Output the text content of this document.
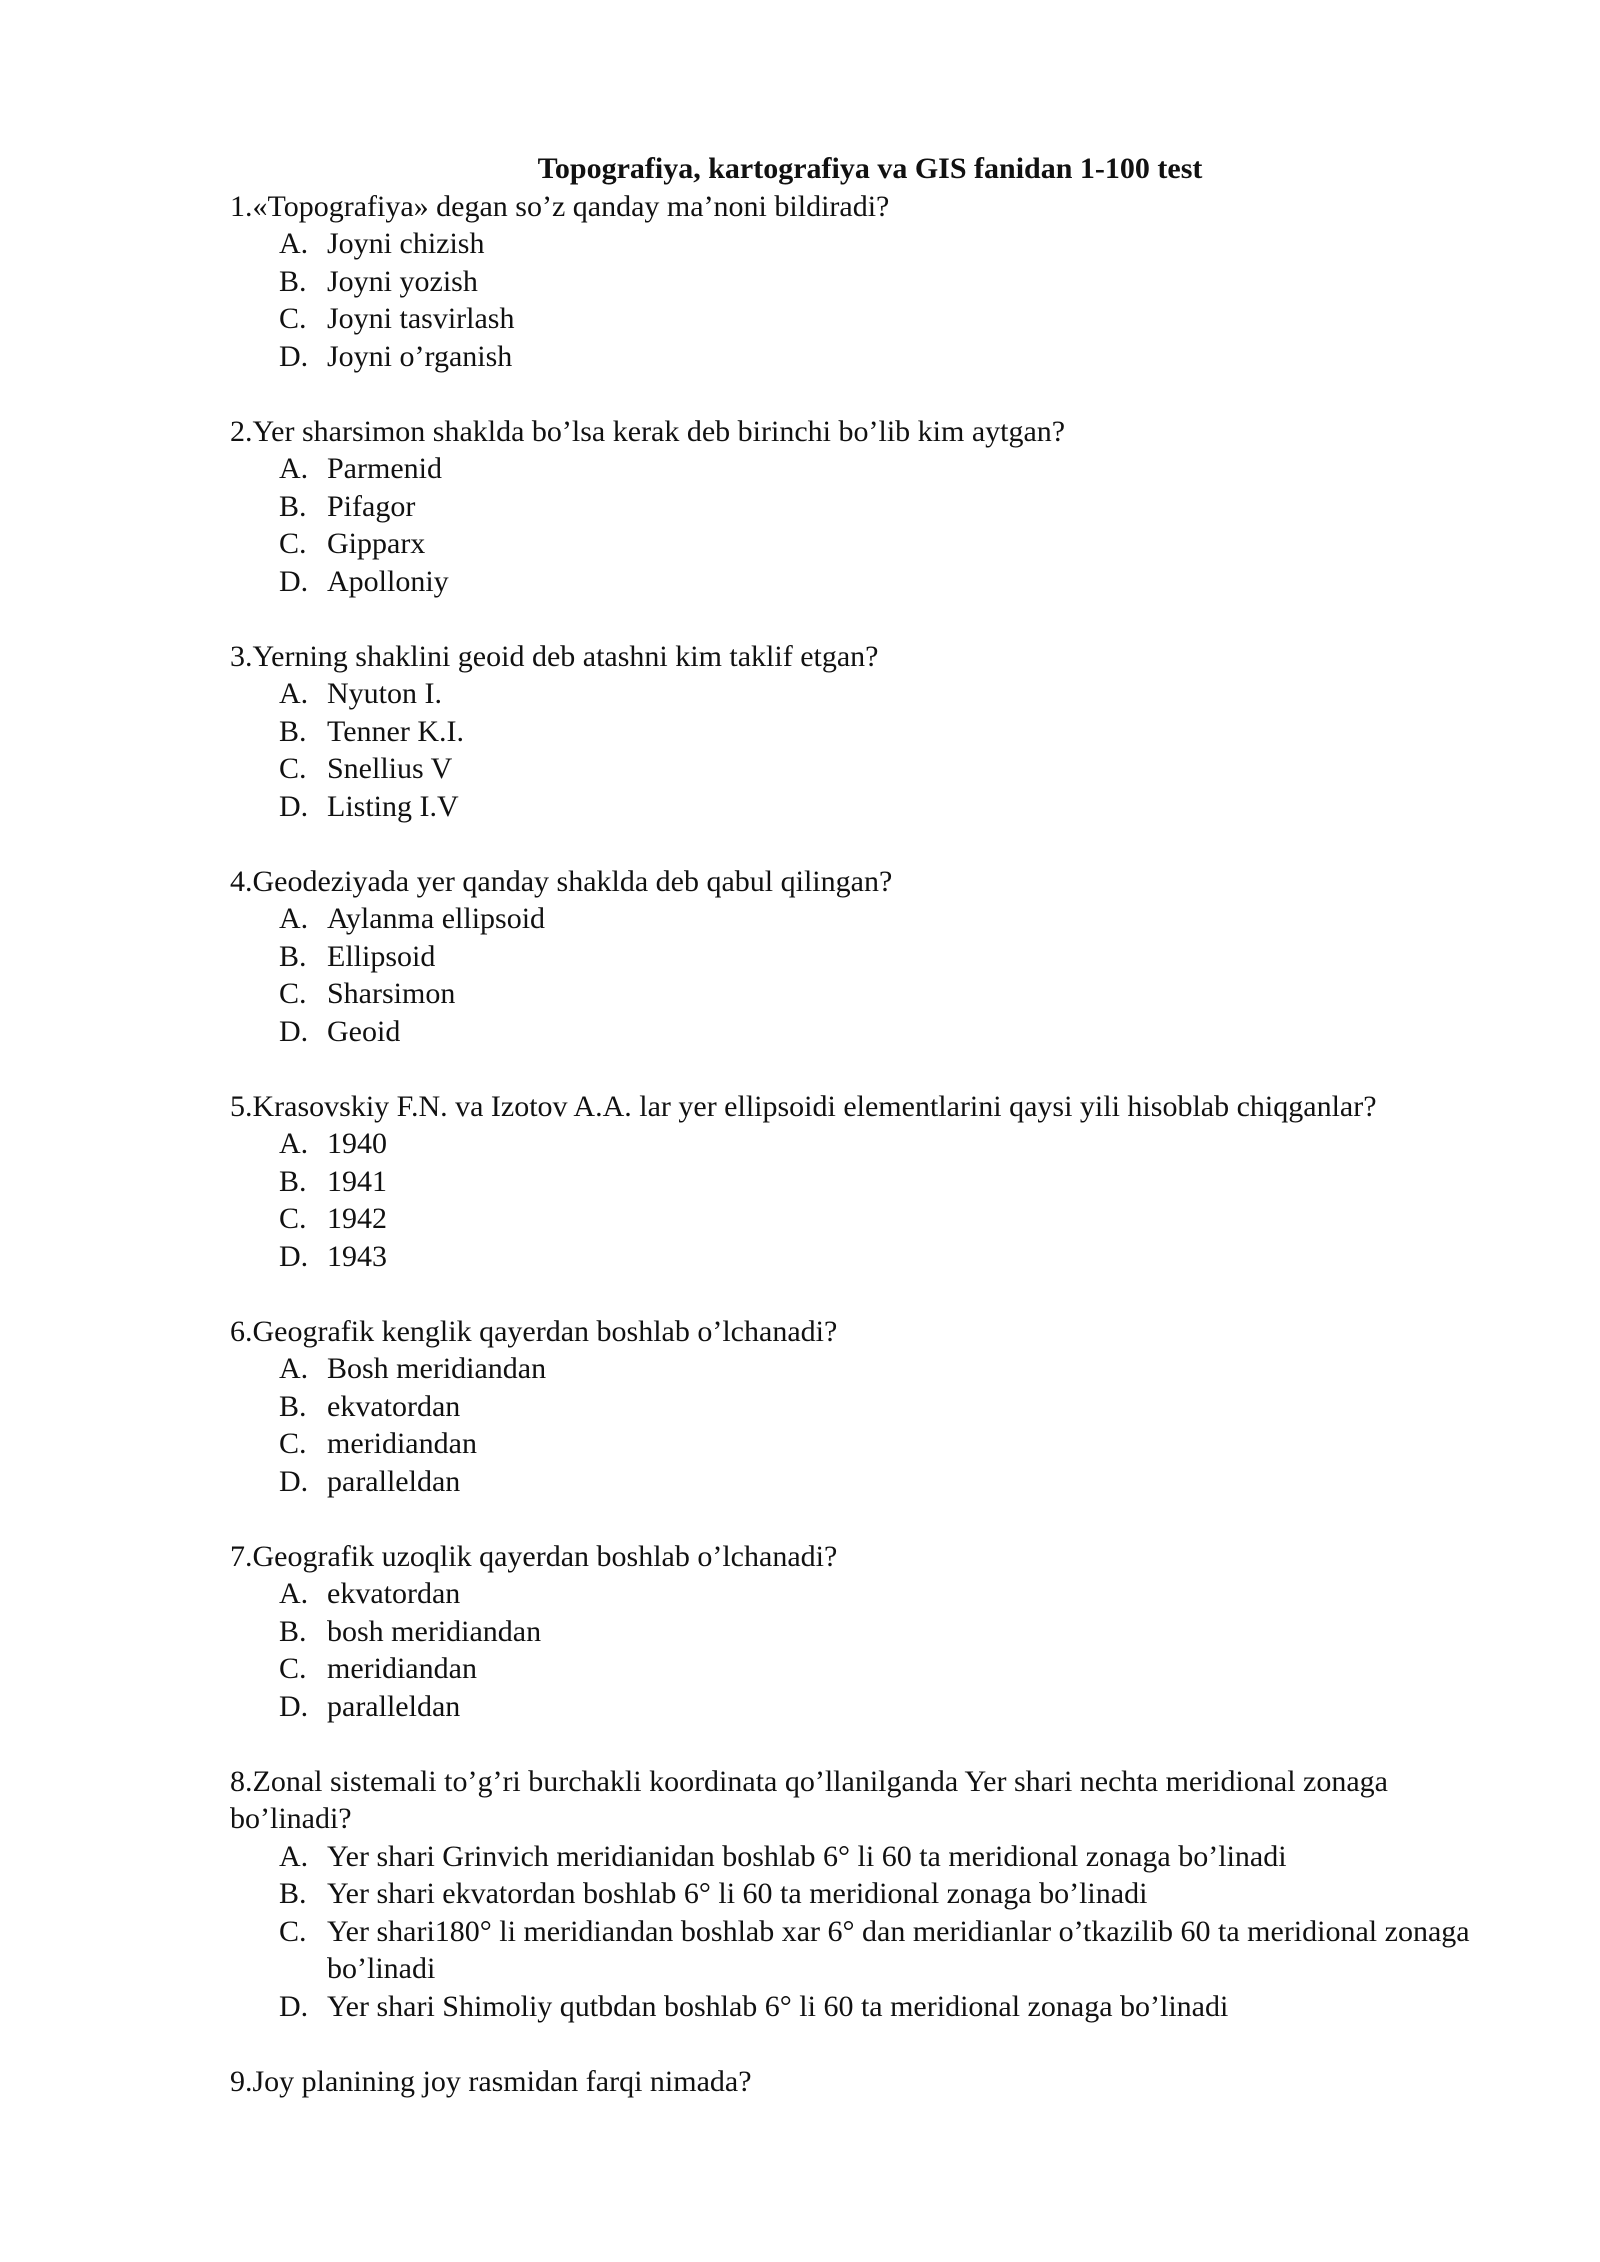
Topografiya, kartografiya va GIS fanidan 1-100 test

1.«Topografiya» degan so’z qanday ma’noni bildiradi?

A. Joyni chizish
B. Joyni yozish
C. Joyni tasvirlash
D. Joyni o’rganish

2.Yer sharsimon shaklda bo’lsa kerak deb birinchi bo’lib kim aytgan?

A. Parmenid
B. Pifagor
C. Gipparx
D. Apolloniy

3.Yerning shaklini geoid deb atashni kim taklif etgan?

A. Nyuton I.
B. Tenner K.I.
C. Snellius V
D. Listing I.V

4.Geodeziyada yer qanday shaklda deb qabul qilingan?

A. Aylanma ellipsoid
B. Ellipsoid
C. Sharsimon
D. Geoid

5.Krasovskiy F.N. va Izotov A.A. lar yer ellipsoidi elementlarini qaysi yili hisoblab chiqganlar?

A. 1940
B. 1941
C. 1942
D. 1943

6.Geografik kenglik qayerdan boshlab o’lchanadi?

A. Bosh meridiandan
B. ekvatordan
C. meridiandan
D. paralleldan

7.Geografik uzoqlik qayerdan boshlab o’lchanadi?

A. ekvatordan
B. bosh meridiandan
C. meridiandan
D. paralleldan

8.Zonal sistemali to’g’ri burchakli koordinata qo’llanilganda Yer shari nechta meridional zonaga bo’linadi?

A. Yer shari Grinvich meridianidan boshlab 6° li 60 ta meridional zonaga bo’linadi
B. Yer shari ekvatordan boshlab 6° li 60 ta meridional zonaga bo’linadi
C. Yer shari180° li meridiandan boshlab xar 6° dan meridianlar o’tkazilib 60 ta meridional zonaga bo’linadi
D. Yer shari Shimoliy qutbdan boshlab 6° li 60 ta meridional zonaga bo’linadi

9.Joy planining joy rasmidan farqi nimada?
